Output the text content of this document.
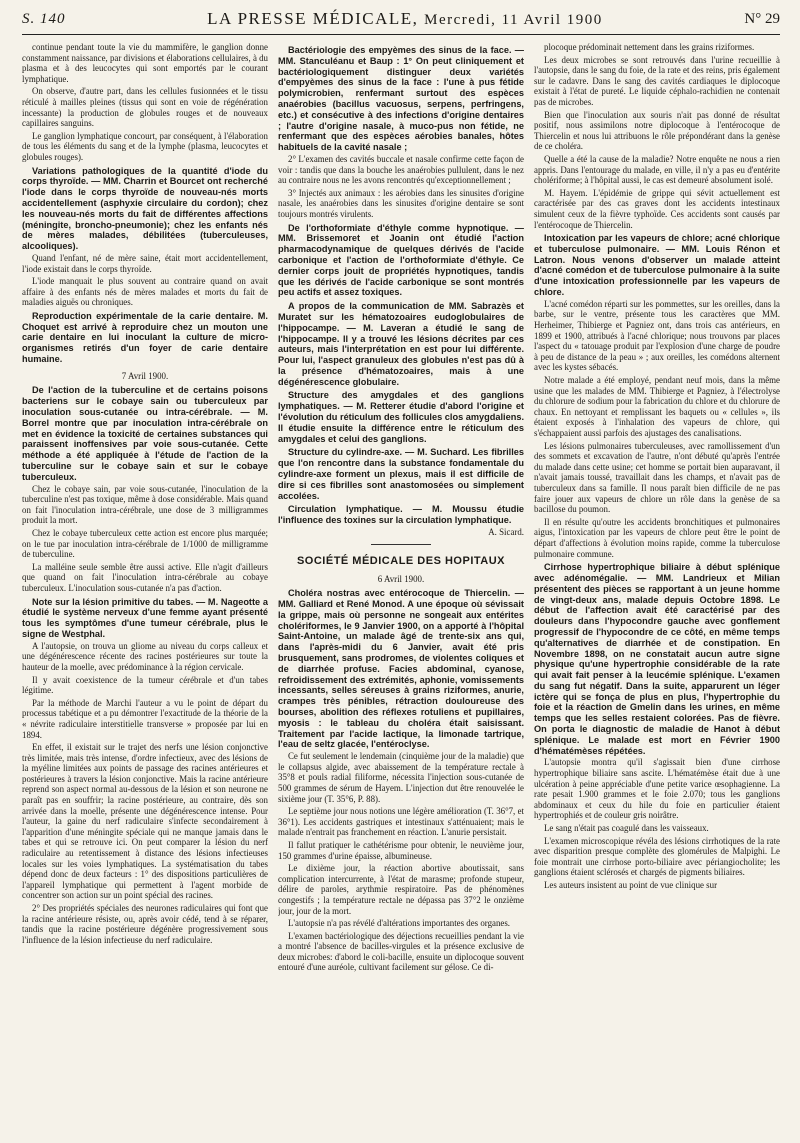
S. 140	LA PRESSE MÉDICALE, Mercredi, 11 Avril 1900	N° 29

continue pendant toute la vie du mammifère, le ganglion donne constamment naissance, par divisions et élaborations cellulaires, à du plasma et à des leucocytes qui sont emportés par le courant lymphatique.

On observe, d'autre part, dans les cellules fusionnées et le tissu réticulé à mailles pleines (tissus qui sont en voie de régénération incessante) la production de globules rouges et de nouveaux capillaires sanguins.

Le ganglion lymphatique concourt, par conséquent, à l'élaboration de tous les éléments du sang et de la lymphe (plasma, leucocytes et globules rouges).

Variations pathologiques de la quantité d'iode du corps thyroïde. — MM. Charrin et Bourcet ont recherché l'iode dans le corps thyroïde de nouveau-nés morts accidentellement (asphyxie circulaire du cordon); chez les nouveau-nés morts du fait de différentes affections (méningite, broncho-pneumonie); chez les enfants nés de mères malades, débilitées (tuberculeuses, alcooliques).

Quand l'enfant, né de mère saine, était mort accidentellement, l'iode existait dans le corps thyroïde.

L'iode manquait le plus souvent au contraire quand on avait affaire à des enfants nés de mères malades et morts du fait de maladies aiguës ou chroniques.

Reproduction expérimentale de la carie dentaire. M. Choquet est arrivé à reproduire chez un mouton une carie dentaire en lui inoculant la culture de micro-organismes retirés d'un foyer de carie dentaire humaine.

7 Avril 1900.

De l'action de la tuberculine et de certains poisons bacteriens sur le cobaye sain ou tuberculeux par inoculation sous-cutanée ou intra-cérébrale. — M. Borrel montre que par inoculation intra-cérébrale on met en évidence la toxicité de certaines substances qui paraissent inoffensives par voie sous-cutanée. Cette méthode a été appliquée à l'étude de l'action de la tuberculine sur le cobaye sain et sur le cobaye tuberculeux.

Chez le cobaye sain, par voie sous-cutanée, l'inoculation de la tuberculine n'est pas toxique, même à dose considérable. Mais quand on fait l'inoculation intra-cérébrale, une dose de 3 milligrammes produit la mort.

Chez le cobaye tuberculeux cette action est encore plus marquée; on le tue par inoculation intra-cérébrale de 1/1000 de milligramme de tuberculine.

La malléine seule semble être aussi active. Elle n'agit d'ailleurs que quand on fait l'inoculation intra-cérébrale au cobaye tuberculeux. L'inoculation sous-cutanée n'a pas d'action.

Note sur la lésion primitive du tabes. — M. Nageotte a étudié le système nerveux d'une femme ayant présenté tous les symptômes d'une tumeur cérébrale, plus le signe de Westphal.

A l'autopsie, on trouva un gliome au niveau du corps calleux et une dégénérescence récente des racines postérieures sur toute la hauteur de la moelle, avec prédominance à la région cervicale.

Il y avait coexistence de la tumeur cérébrale et d'un tabes légitime.

Par la méthode de Marchi l'auteur a vu le point de départ du processus tabétique et a pu démontrer l'exactitude de la théorie de la « névrite radiculaire interstitielle transverse » proposée par lui en 1894.

En effet, il existait sur le trajet des nerfs une lésion conjonctive très limitée, mais très intense, d'ordre infectieux, avec des lésions de la myéline limitées aux points de passage des racines antérieures et postérieures à travers la lésion conjonctive. Mais la racine antérieure reprend son aspect normal au-dessous de la lésion et son neurone ne paraît pas en souffrir; la racine postérieure, au contraire, dès son arrivée dans la moelle, présente une dégénérescence intense. Pour l'auteur, la gaine du nerf radiculaire s'infecte secondairement à l'apparition d'une méningite spéciale qui ne manque jamais dans le tabes et qui se retrouve ici. On peut comparer la lésion du nerf radiculaire au retentissement à distance des lésions infectieuses locales sur les voies lymphatiques. La systématisation du tabes dépend donc de deux facteurs : 1° des dispositions particulières de l'appareil lymphatique qui permettent à l'agent morbide de concentrer son action sur un point spécial des racines.

2° Des propriétés spéciales des neurones radiculaires qui font que la racine antérieure résiste, ou, après avoir cédé, tend à se réparer, tandis que la racine postérieure dégénère progressivement sous l'influence de la lésion infectieuse du nerf radiculaire.

Bactériologie des empyèmes des sinus de la face. — MM. Stanculéanu et Baup : 1° On peut cliniquement et bactériologiquement distinguer deux variétés d'empyèmes des sinus de la face : l'une à pus fétide polymicrobien, renfermant surtout des espèces anaérobies (bacillus vacuosus, serpens, perfringens, etc.) et consécutive à des infections d'origine dentaires ; l'autre d'origine nasale, à muco-pus non fétide, ne renfermant que des espèces aérobies banales, hôtes habituels de la cavité nasale ;

2° L'examen des cavités buccale et nasale confirme cette façon de voir : tandis que dans la bouche les anaérobies pullulent, dans le nez au contraire nous ne les avons rencontrés qu'exceptionnellement ;

3° Injectés aux animaux : les aérobies dans les sinusites d'origine nasale, les anaérobies dans les sinusites d'origine dentaire se sont toujours montrés virulents.

De l'orthoformiate d'éthyle comme hypnotique. — MM. Brissemoret et Joanin ont étudié l'action pharmacodynamique de quelques dérivés de l'acide carbonique et l'action de l'orthoformiate d'éthyle. Ce dernier corps jouit de propriétés hypnotiques, tandis que les dérivés de l'acide carbonique se sont montrés peu actifs et assez toxiques.
A propos de la communication de MM. Sabrazès et Muratet sur les hématozoaires eudoglobulaires de l'hippocampe. — M. Laveran a étudié le sang de l'hippocampe. Il y a trouvé les lésions décrites par ces auteurs, mais l'interprétation en est pour lui différente. Pour lui, l'aspect granuleux des globules n'est pas dû à la présence d'hématozoaires, mais à une dégénérescence globulaire.
Structure des amygdales et des ganglions lymphatiques. — M. Retterer étudie d'abord l'origine et l'évolution du réticulum des follicules clos amygdaliens. Il étudie ensuite la différence entre le réticulum des amygdales et celui des ganglions.
Structure du cylindre-axe. — M. Suchard. Les fibrilles que l'on rencontre dans la substance fondamentale du cylindre-axe forment un plexus, mais il est difficile de dire si ces fibrilles sont anastomosées ou simplement accolées.
Circulation lymphatique. — M. Moussu étudie l'influence des toxines sur la circulation lymphatique.

A. Sicard.

SOCIÉTÉ MÉDICALE DES HOPITAUX

6 Avril 1900.

Choléra nostras avec entérocoque de Thiercelin. — MM. Galliard et René Monod. A une époque où sévissait la grippe, mais où personne ne songeait aux entérites cholériformes, le 9 Janvier 1900, on a apporté à l'hôpital Saint-Antoine, un malade âgé de trente-six ans qui, dans l'après-midi du 6 Janvier, avait été pris brusquement, sans prodromes, de violentes coliques et de diarrhée profuse. Facies abdominal, cyanose, refroidissement des extrémités, aphonie, vomissements incessants, selles séreuses à grains riziformes, anurie, crampes très pénibles, rétraction douloureuse des bourses, abolition des réflexes rotuliens et pupillaires, myosis : le tableau du choléra était saisissant. Traitement par l'acide lactique, la limonade tartrique, l'eau de seltz glacée, l'entéroclyse.

Ce fut seulement le lendemain (cinquième jour de la maladie) que le collapsus algide, avec abaissement de la température rectale à 35°8 et pouls radial filiforme, nécessita l'injection sous-cutanée de 500 grammes de sérum de Hayem. L'injection dut être renouvelée le sixième jour (T. 35°6, P. 88).

Le septième jour nous notions une légère amélioration (T. 36°7, et 36°1). Les accidents gastriques et intestinaux s'atténuaient; mais le malade n'entrait pas franchement en réaction. L'anurie persistait.

Il fallut pratiquer le cathétérisme pour obtenir, le neuvième jour, 150 grammes d'urine épaisse, albumineuse.

Le dixième jour, la réaction abortive aboutissait, sans complication intercurrente, à l'état de marasme; profonde stupeur, délire de paroles, arythmie respiratoire. Pas de phénomènes congestifs ; la température rectale ne dépassa pas 37°2 le onzième jour, jour de la mort.

L'autopsie n'a pas révélé d'altérations importantes des organes.

L'examen bactériologique des déjections recueillies pendant la vie a montré l'absence de bacilles-virgules et la présence exclusive de deux microbes: d'abord le coli-bacille, ensuite un diplocoque souvent entouré d'une auréole, cultivant facilement sur gélose. Ce di-

plocoque prédominait nettement dans les grains riziformes.

Les deux microbes se sont retrouvés dans l'urine recueillie à l'autopsie, dans le sang du foie, de la rate et des reins, pris également sur le cadavre. Dans le sang des cavités cardiaques le diplocoque existait à l'état de pureté. Le liquide céphalo-rachidien ne contenait pas de microbes.

Bien que l'inoculation aux souris n'ait pas donné de résultat positif, nous assimilons notre diplocoque à l'entérocoque de Thiercelin et nous lui attribuons le rôle prépondérant dans la genèse de ce choléra.

Quelle a été la cause de la maladie? Notre enquête ne nous a rien appris. Dans l'entourage du malade, en ville, il n'y a pas eu d'entérite cholériforme; à l'hôpital aussi, le cas est demeuré absolument isolé.

M. Hayem. L'épidémie de grippe qui sévit actuellement est caractérisée par des cas graves dont les accidents intestinaux simulent ceux de la fièvre typhoïde. Ces accidents sont causés par l'entérocoque de Thiercelin.

Intoxication par les vapeurs de chlore; acné chlorique et tuberculose pulmonaire. — MM. Louis Rénon et Latron. Nous venons d'observer un malade atteint d'acné comédon et de tuberculose pulmonaire à la suite d'une intoxication professionnelle par les vapeurs de chlore.

L'acné comédon réparti sur les pommettes, sur les oreilles, dans la barbe, sur le ventre, présente tous les caractères que MM. Herheimer, Thibierge et Pagniez ont, dans trois cas antérieurs, en 1899 et 1900, attribués à l'acné chlorique; nous trouvons par places l'aspect du « tatouage produit par l'explosion d'une charge de poudre à peu de distance de la peau » ; aux oreilles, les comédons alternent avec les kystes sébacés.

Notre malade a été employé, pendant neuf mois, dans la même usine que les malades de MM. Thibierge et Pagniez, à l'électrolyse du chlorure de sodium pour la fabrication du chlore et du chlorure de chaux. En nettoyant et remplissant les baquets ou « cellules », ils étaient exposés à l'inhalation des vapeurs de chlore, qui s'échappaient aussi parfois des ajustages des canalisations.

Les lésions pulmonaires tuberculeuses, avec ramollissement d'un des sommets et excavation de l'autre, n'ont débuté qu'après l'entrée du malade dans cette usine; cet homme se portait bien auparavant, il n'avait jamais toussé, travaillait dans les champs, et n'avait pas de tuberculeux dans sa famille. Il nous paraît bien difficile de ne pas faire jouer aux vapeurs de chlore un rôle dans la genèse de sa bacillose du poumon.

Il en résulte qu'outre les accidents bronchitiques et pulmonaires aigus, l'intoxication par les vapeurs de chlore peut être le point de départ d'affections à évolution moins rapide, comme la tuberculose pulmonaire commune.

Cirrhose hypertrophique biliaire à début splénique avec adénomégalie. — MM. Landrieux et Milian présentent des pièces se rapportant à un jeune homme de vingt-deux ans, malade depuis Octobre 1898. Le début de l'affection avait été caractérisé par des douleurs dans l'hypocondre gauche avec gonflement progressif de l'hypocondre de ce côté, en même temps qu'alternatives de diarrhée et de constipation. En Novembre 1898, on ne constatait aucun autre signe physique qu'une hypertrophie considérable de la rate qui avait fait penser à la leucémie splénique. L'examen du sang fut négatif. Dans la suite, apparurent un léger ictère qui se fonça de plus en plus, l'hypertrophie du foie et la réaction de Gmelin dans les urines, en même temps que les selles restaient colorées. Pas de fièvre. On porta le diagnostic de maladie de Hanot à début splénique. Le malade est mort en Février 1900 d'hématémèses répétées.

L'autopsie montra qu'il s'agissait bien d'une cirrhose hypertrophique biliaire sans ascite. L'hématémèse était due à une ulcération à peine appréciable d'une petite varice œsophagienne. La rate pesait 1.900 grammes et le foie 2.070; tous les ganglions abdominaux et ceux du hile du foie en particulier étaient hypertrophiés et de couleur gris noirâtre.

Le sang n'était pas coagulé dans les vaisseaux.

L'examen microscopique révéla des lésions cirrhotiques de la rate avec disparition presque complète des glomérules de Malpighi. Le foie montrait une cirrhose porto-biliaire avec périangiocholite; les ganglions étaient sclérosés et chargés de pigments biliaires.

Les auteurs insistent au point de vue clinique sur
